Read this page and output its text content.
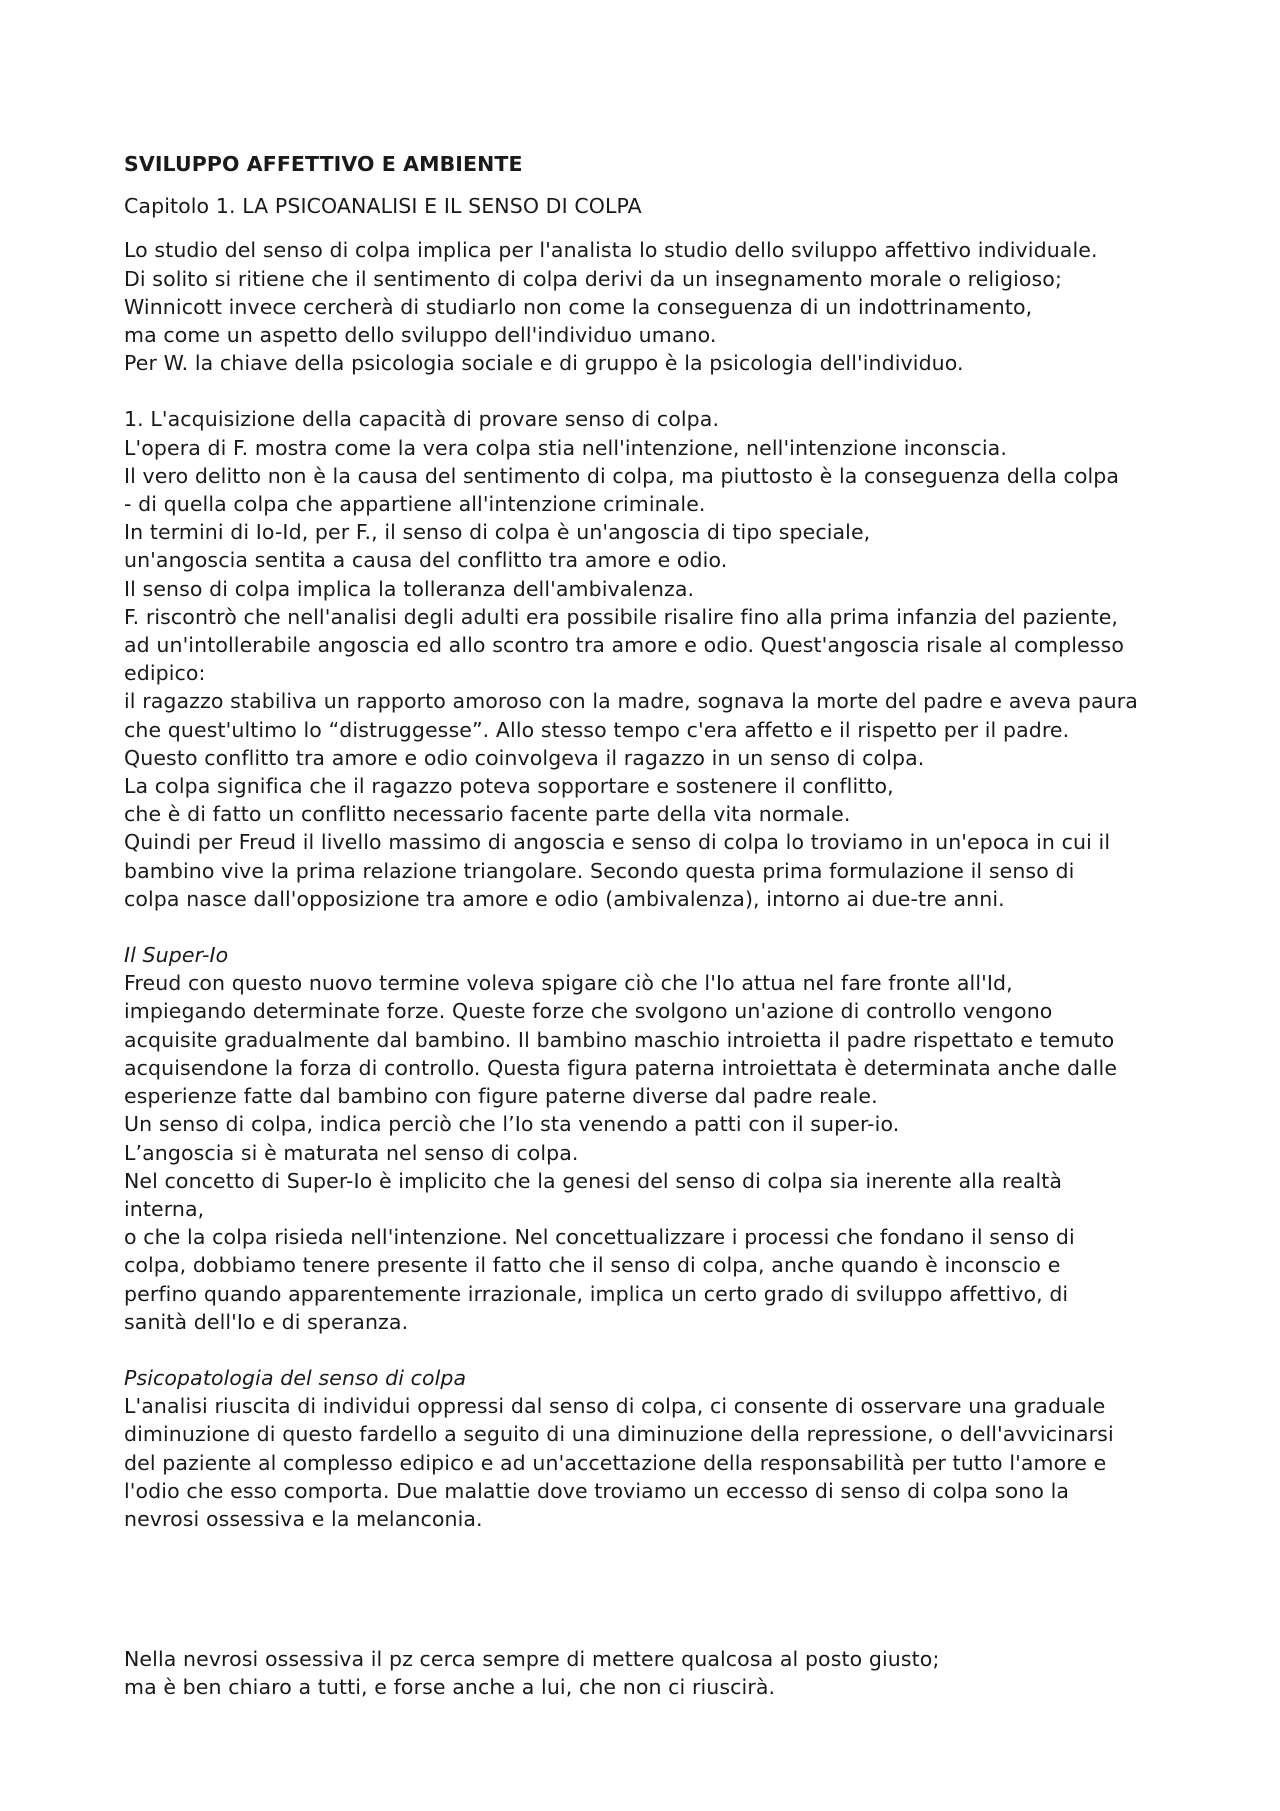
SVILUPPO AFFETTIVO E AMBIENTE

Capitolo 1. LA PSICOANALISI E IL SENSO DI COLPA

Lo studio del senso di colpa implica per l'analista lo studio dello sviluppo affettivo individuale.

Di solito si ritiene che il sentimento di colpa derivi da un insegnamento morale o religioso;

Winnicott invece cercherà di studiarlo non come la conseguenza di un indottrinamento,

ma come un aspetto dello sviluppo dell'individuo umano.

Per W. la chiave della psicologia sociale e di gruppo è la psicologia dell'individuo.

1. L'acquisizione della capacità di provare senso di colpa.

L'opera di F. mostra come la vera colpa stia nell'intenzione, nell'intenzione inconscia.

Il vero delitto non è la causa del sentimento di colpa, ma piuttosto è la conseguenza della colpa

- di quella colpa che appartiene all'intenzione criminale.

In termini di Io-Id, per F., il senso di colpa è un'angoscia di tipo speciale,

un'angoscia sentita a causa del conflitto tra amore e odio.

Il senso di colpa implica la tolleranza dell'ambivalenza.

F. riscontrò che nell'analisi degli adulti era possibile risalire fino alla prima infanzia del paziente,

ad un'intollerabile angoscia ed allo scontro tra amore e odio. Quest'angoscia risale al complesso

edipico:

il ragazzo stabiliva un rapporto amoroso con la madre, sognava la morte del padre e aveva paura

che quest'ultimo lo “distruggesse”. Allo stesso tempo c'era affetto e il rispetto per il padre.

Questo conflitto tra amore e odio coinvolgeva il ragazzo in un senso di colpa.

La colpa significa che il ragazzo poteva sopportare e sostenere il conflitto,

che è di fatto un conflitto necessario facente parte della vita normale.

Quindi per Freud il livello massimo di angoscia e senso di colpa lo troviamo in un'epoca in cui il

bambino vive la prima relazione triangolare. Secondo questa prima formulazione il senso di

colpa nasce dall'opposizione tra amore e odio (ambivalenza), intorno ai due-tre anni.

Il Super-Io

Freud con questo nuovo termine voleva spigare ciò che l'Io attua nel fare fronte all'Id,

impiegando determinate forze. Queste forze che svolgono un'azione di controllo vengono

acquisite gradualmente dal bambino. Il bambino maschio introietta il padre rispettato e temuto

acquisendone la forza di controllo. Questa figura paterna introiettata è determinata anche dalle

esperienze fatte dal bambino con figure paterne diverse dal padre reale.

Un senso di colpa, indica perciò che l’Io sta venendo a patti con il super-io.

L’angoscia si è maturata nel senso di colpa.

Nel concetto di Super-Io è implicito che la genesi del senso di colpa sia inerente alla realtà

interna,

o che la colpa risieda nell'intenzione. Nel concettualizzare i processi che fondano il senso di

colpa, dobbiamo tenere presente il fatto che il senso di colpa, anche quando è inconscio e

perfino quando apparentemente irrazionale, implica un certo grado di sviluppo affettivo, di

sanità dell'Io e di speranza.

Psicopatologia del senso di colpa

L'analisi riuscita di individui oppressi dal senso di colpa, ci consente di osservare una graduale

diminuzione di questo fardello a seguito di una diminuzione della repressione, o dell'avvicinarsi

del paziente al complesso edipico e ad un'accettazione della responsabilità per tutto l'amore e

l'odio che esso comporta. Due malattie dove troviamo un eccesso di senso di colpa sono la

nevrosi ossessiva e la melanconia.

Nella nevrosi ossessiva il pz cerca sempre di mettere qualcosa al posto giusto;

ma è ben chiaro a tutti, e forse anche a lui, che non ci riuscirà.
